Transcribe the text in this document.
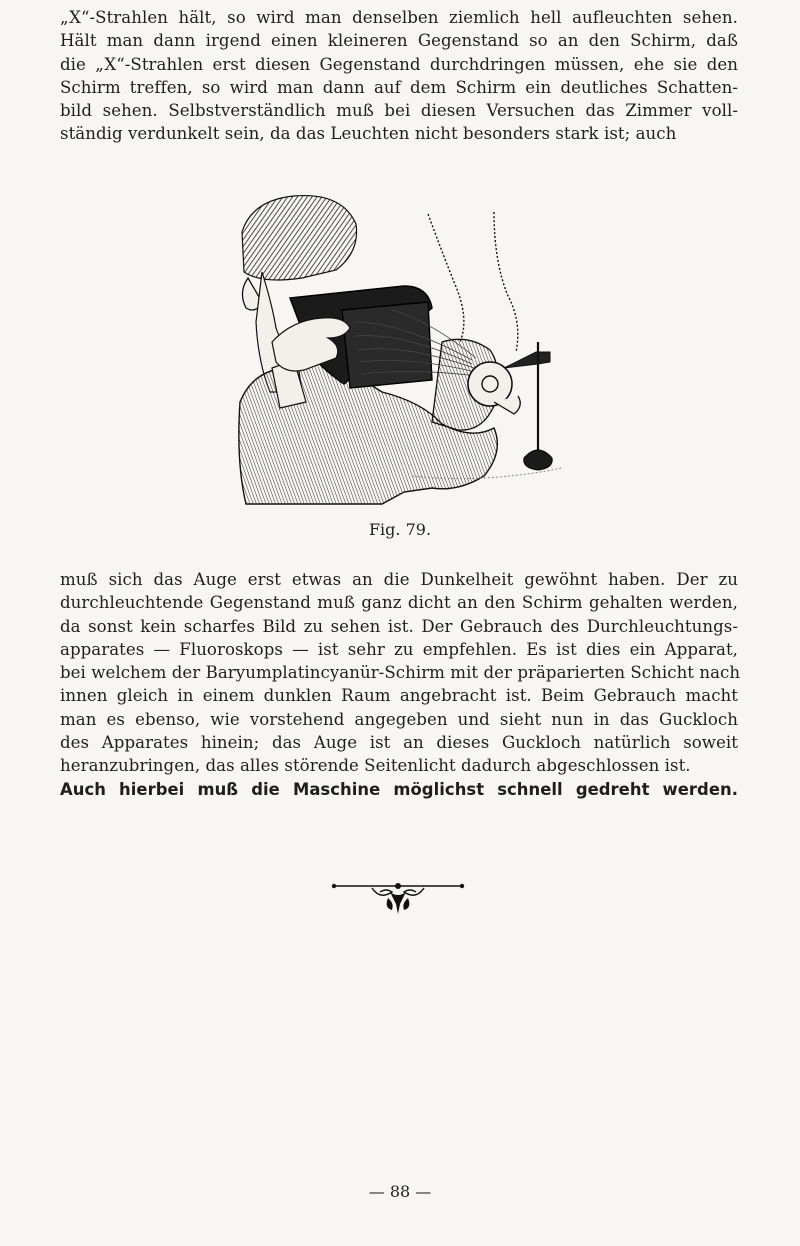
„X“-Strahlen hält, so wird man denselben ziemlich hell aufleuchten sehen.
Hält man dann irgend einen kleineren Gegenstand so an den Schirm, daß
die „X“-Strahlen erst diesen Gegenstand durchdringen müssen, ehe sie den
Schirm treffen, so wird man dann auf dem Schirm ein deutliches Schatten-
bild sehen. Selbstverständlich muß bei diesen Versuchen das Zimmer voll-
ständig verdunkelt sein, da das Leuchten nicht besonders stark ist; auch
Fig. 79.
muß sich das Auge erst etwas an die Dunkelheit gewöhnt haben. Der zu
durchleuchtende Gegenstand muß ganz dicht an den Schirm gehalten werden,
da sonst kein scharfes Bild zu sehen ist. Der Gebrauch des Durchleuchtungs-
apparates — Fluoroskops — ist sehr zu empfehlen. Es ist dies ein Apparat,
bei welchem der Baryumplatincyanür-Schirm mit der präparierten Schicht nach
innen gleich in einem dunklen Raum angebracht ist. Beim Gebrauch macht
man es ebenso, wie vorstehend angegeben und sieht nun in das Guckloch
des Apparates hinein; das Auge ist an dieses Guckloch natürlich soweit
heranzubringen, das alles störende Seitenlicht dadurch abgeschlossen ist.
Auch hierbei muß die Maschine möglichst schnell gedreht werden.
— 88 —
